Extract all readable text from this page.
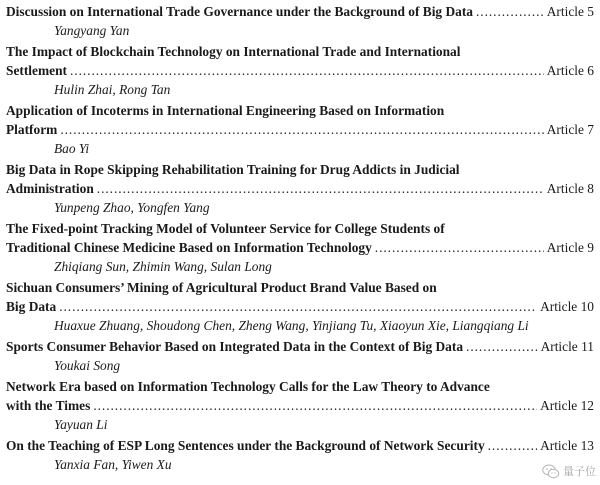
Discussion on International Trade Governance under the Background of Big Data . . .	Article 5
Yangyang Yan
The Impact of Blockchain Technology on International Trade and International
Settlement . . .	Article 6
Hulin Zhai, Rong Tan
Application of Incoterms in International Engineering Based on Information
Platform . . .	Article 7
Bao Yi
Big Data in Rope Skipping Rehabilitation Training for Drug Addicts in Judicial
Administration . . .	Article 8
Yunpeng Zhao, Yongfen Yang
The Fixed-point Tracking Model of Volunteer Service for College Students of
Traditional Chinese Medicine Based on Information Technology . . .	Article 9
Zhiqiang Sun, Zhimin Wang, Sulan Long
Sichuan Consumers’ Mining of Agricultural Product Brand Value Based on
Big Data . . .	Article 10
Huaxue Zhuang, Shoudong Chen, Zheng Wang, Yinjiang Tu, Xiaoyun Xie, Liangqiang Li
Sports Consumer Behavior Based on Integrated Data in the Context of Big Data . . .	Article 11
Youkai Song
Network Era based on Information Technology Calls for the Law Theory to Advance
with the Times . . .	Article 12
Yayuan Li
On the Teaching of ESP Long Sentences under the Background of Network Security . . .	Article 13
Yanxia Fan, Yiwen Xu	量子位
